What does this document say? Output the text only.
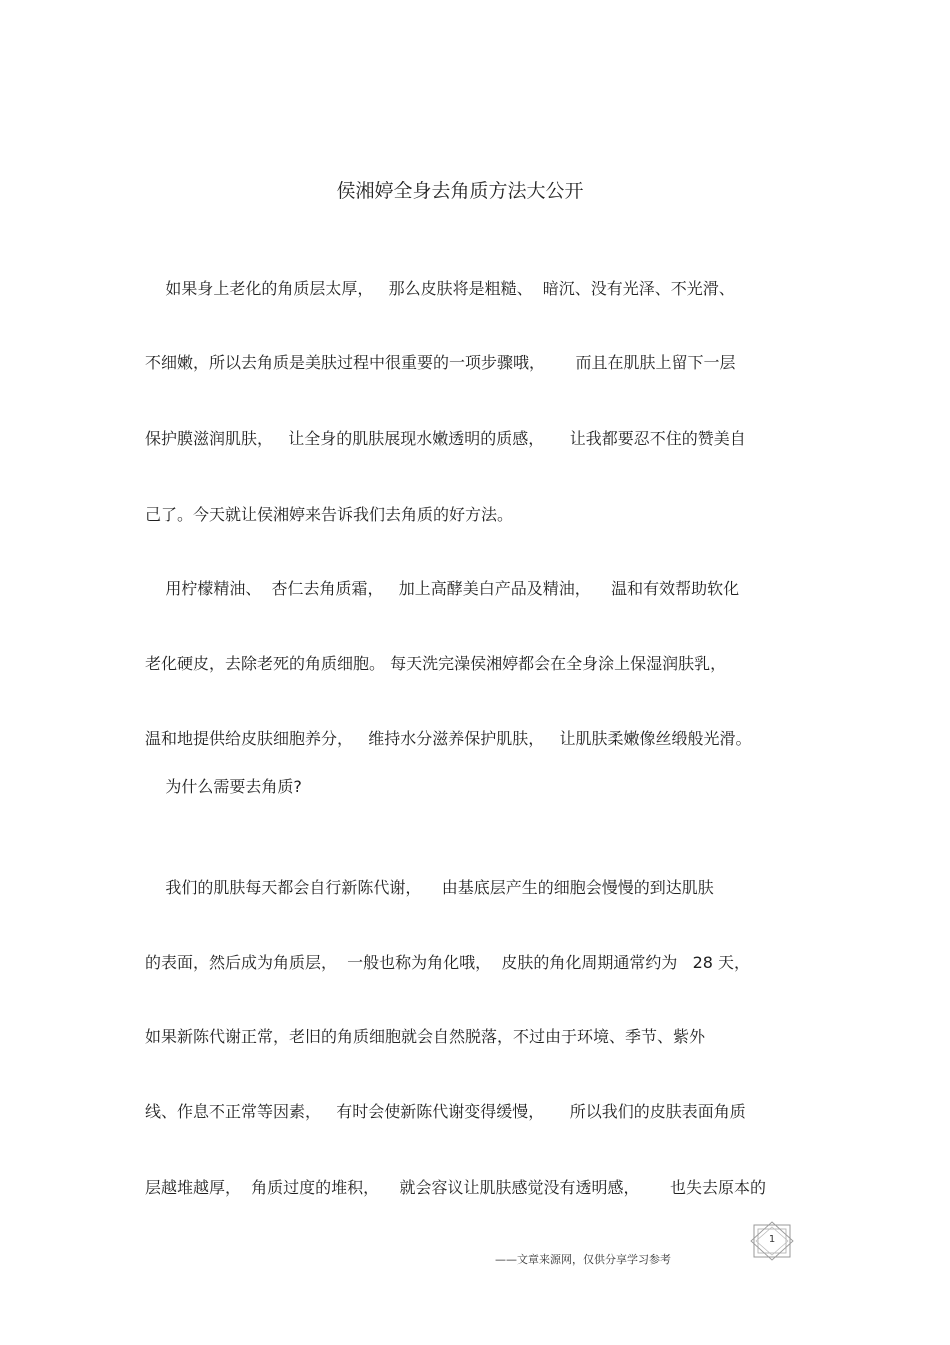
侯湘婷全身去角质方法大公开
如果身上老化的角质层太厚，   那么皮肤将是粗糙、  暗沉、没有光泽、不光滑、
不细嫩，所以去角质是美肤过程中很重要的一项步骤哦，      而且在肌肤上留下一层
保护膜滋润肌肤，   让全身的肌肤展现水嫩透明的质感，     让我都要忍不住的赞美自
己了。今天就让侯湘婷来告诉我们去角质的好方法。
用柠檬精油、  杏仁去角质霜，   加上高酵美白产品及精油，    温和有效帮助软化
老化硬皮，去除老死的角质细胞。 每天洗完澡侯湘婷都会在全身涂上保湿润肤乳，
温和地提供给皮肤细胞养分，   维持水分滋养保护肌肤，   让肌肤柔嫩像丝缎般光滑。
为什么需要去角质?
我们的肌肤每天都会自行新陈代谢，    由基底层产生的细胞会慢慢的到达肌肤
的表面，然后成为角质层，  一般也称为角化哦，  皮肤的角化周期通常约为   28 天，
如果新陈代谢正常，老旧的角质细胞就会自然脱落，不过由于环境、季节、紫外
线、作息不正常等因素，   有时会使新陈代谢变得缓慢，     所以我们的皮肤表面角质
层越堆越厚，  角质过度的堆积，    就会容议让肌肤感觉没有透明感，      也失去原本的
——文章来源网，仅供分享学习参考
1
